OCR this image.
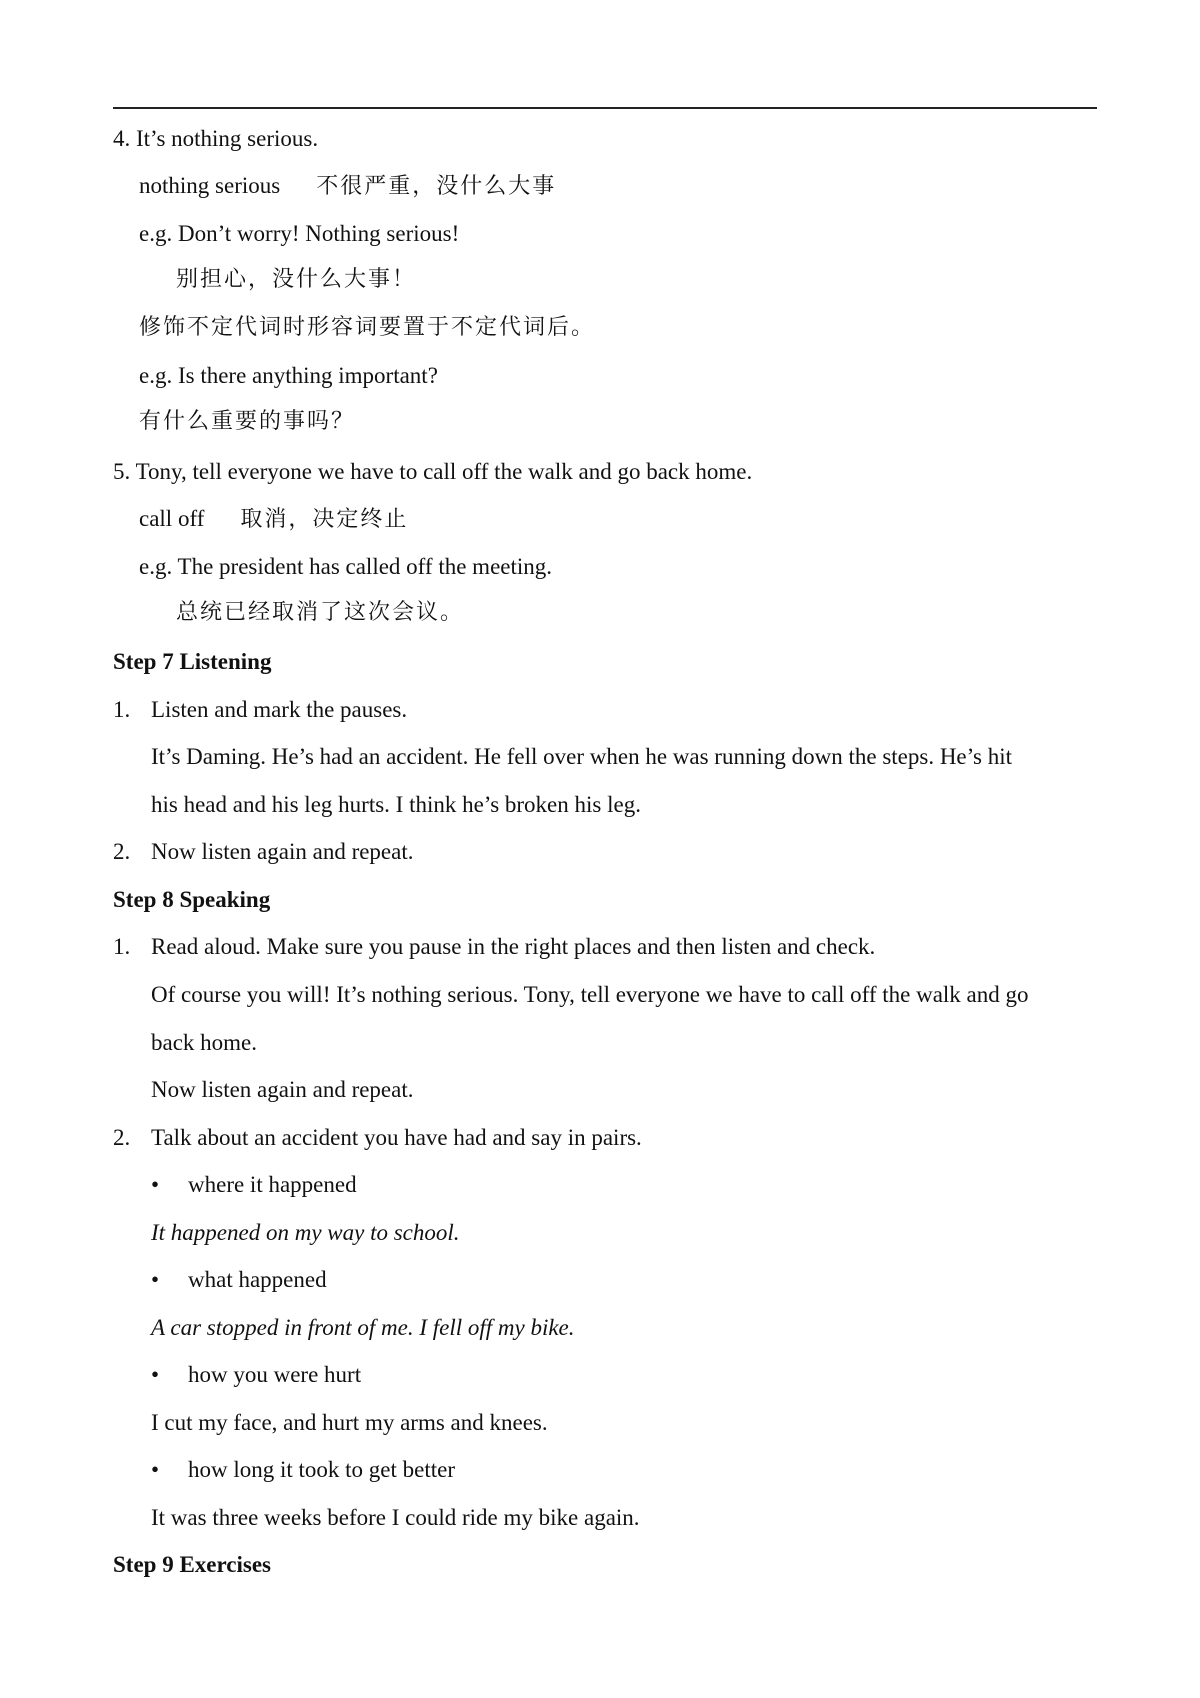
4. It’s nothing serious.
nothing serious 不很严重，没什么大事
e.g. Don’t worry! Nothing serious!
别担心，没什么大事！
修饰不定代词时形容词要置于不定代词后。
e.g. Is there anything important?
有什么重要的事吗？
5. Tony, tell everyone we have to call off the walk and go back home.
call off 取消，决定终止
e.g. The president has called off the meeting.
总统已经取消了这次会议。
Step 7 Listening
1. Listen and mark the pauses.
It’s Daming. He’s had an accident. He fell over when he was running down the steps. He’s hit
his head and his leg hurts. I think he’s broken his leg.
2. Now listen again and repeat.
Step 8 Speaking
1. Read aloud. Make sure you pause in the right places and then listen and check.
Of course you will! It’s nothing serious. Tony, tell everyone we have to call off the walk and go
back home.
Now listen again and repeat.
2. Talk about an accident you have had and say in pairs.
• where it happened
It happened on my way to school.
• what happened
A car stopped in front of me. I fell off my bike.
• how you were hurt
I cut my face, and hurt my arms and knees.
• how long it took to get better
It was three weeks before I could ride my bike again.
Step 9 Exercises
